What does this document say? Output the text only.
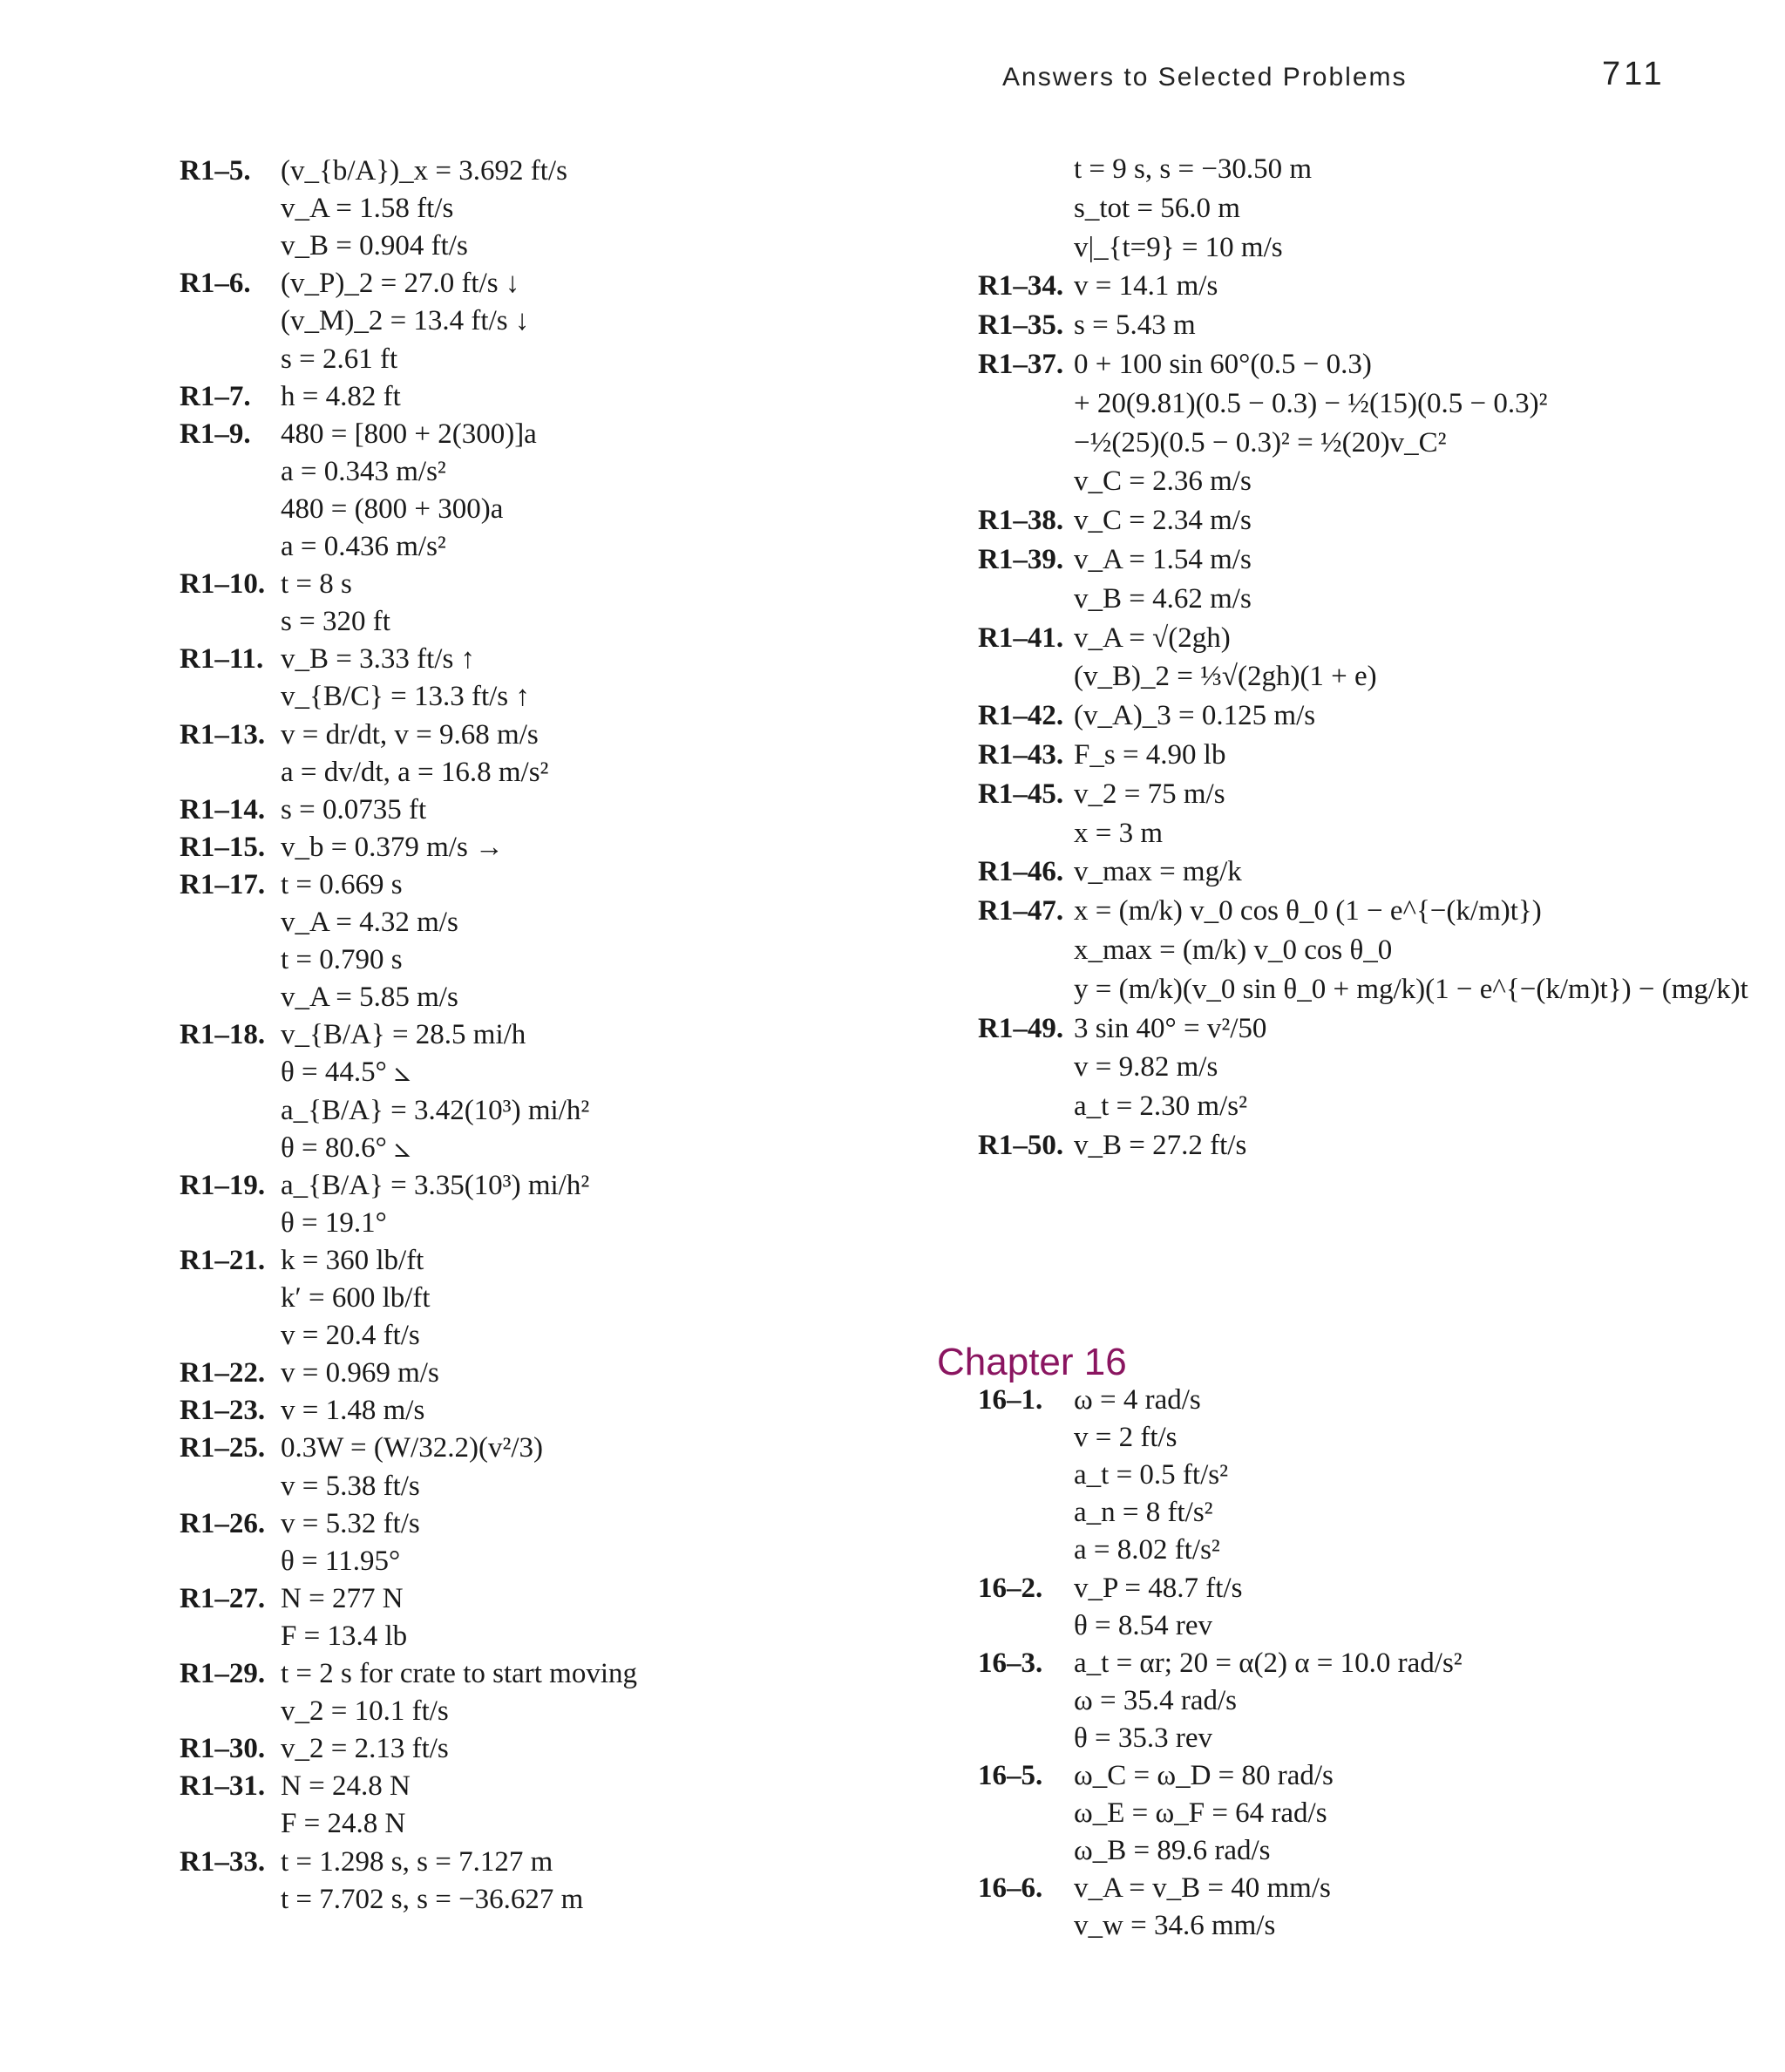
Answers to Selected Problems	711
R1–5. (v_{b/A})_x = 3.692 ft/s
v_A = 1.58 ft/s
v_B = 0.904 ft/s
R1–6. (v_P)_2 = 27.0 ft/s ↓
(v_M)_2 = 13.4 ft/s ↓
s = 2.61 ft
R1–7. h = 4.82 ft
R1–9. 480 = [800 + 2(300)]a
a = 0.343 m/s²
480 = (800 + 300)a
a = 0.436 m/s²
R1–10. t = 8 s
s = 320 ft
R1–11. v_B = 3.33 ft/s ↑
v_{B/C} = 13.3 ft/s ↑
R1–13. v = dr/dt, v = 9.68 m/s
a = dv/dt, a = 16.8 m/s²
R1–14. s = 0.0735 ft
R1–15. v_b = 0.379 m/s →
R1–17. t = 0.669 s
v_A = 4.32 m/s
t = 0.790 s
v_A = 5.85 m/s
R1–18. v_{B/A} = 28.5 mi/h
θ = 44.5° ⦣
a_{B/A} = 3.42(10³) mi/h²
θ = 80.6° ⦣
R1–19. a_{B/A} = 3.35(10³) mi/h²
θ = 19.1°
R1–21. k = 360 lb/ft
k′ = 600 lb/ft
v = 20.4 ft/s
R1–22. v = 0.969 m/s
R1–23. v = 1.48 m/s
R1–25. 0.3W = (W/32.2)(v²/3)
v = 5.38 ft/s
R1–26. v = 5.32 ft/s
θ = 11.95°
R1–27. N = 277 N
F = 13.4 lb
R1–29. t = 2 s for crate to start moving
v_2 = 10.1 ft/s
R1–30. v_2 = 2.13 ft/s
R1–31. N = 24.8 N
F = 24.8 N
R1–33. t = 1.298 s, s = 7.127 m
t = 7.702 s, s = −36.627 m
t = 9 s, s = −30.50 m
s_tot = 56.0 m
v|_{t=9} = 10 m/s
R1–34. v = 14.1 m/s
R1–35. s = 5.43 m
R1–37. 0 + 100 sin 60°(0.5 − 0.3)
+ 20(9.81)(0.5 − 0.3) − ½(15)(0.5 − 0.3)²
−½(25)(0.5 − 0.3)² = ½(20)v_C²
v_C = 2.36 m/s
R1–38. v_C = 2.34 m/s
R1–39. v_A = 1.54 m/s
v_B = 4.62 m/s
R1–41. v_A = √(2gh)
(v_B)_2 = ⅓√(2gh)(1 + e)
R1–42. (v_A)_3 = 0.125 m/s
R1–43. F_s = 4.90 lb
R1–45. v_2 = 75 m/s
x = 3 m
R1–46. v_max = mg/k
R1–47. x = (m/k) v_0 cos θ_0 (1 − e^{−(k/m)t})
x_max = (m/k) v_0 cos θ_0
y = (m/k)(v_0 sin θ_0 + mg/k)(1 − e^{−(k/m)t}) − (mg/k)t
R1–49. 3 sin 40° = v²/50
v = 9.82 m/s
a_t = 2.30 m/s²
R1–50. v_B = 27.2 ft/s
Chapter 16
16–1. ω = 4 rad/s
v = 2 ft/s
a_t = 0.5 ft/s²
a_n = 8 ft/s²
a = 8.02 ft/s²
16–2. v_P = 48.7 ft/s
θ = 8.54 rev
16–3. a_t = αr; 20 = α(2) α = 10.0 rad/s²
ω = 35.4 rad/s
θ = 35.3 rev
16–5. ω_C = ω_D = 80 rad/s
ω_E = ω_F = 64 rad/s
ω_B = 89.6 rad/s
16–6. v_A = v_B = 40 mm/s
v_w = 34.6 mm/s
